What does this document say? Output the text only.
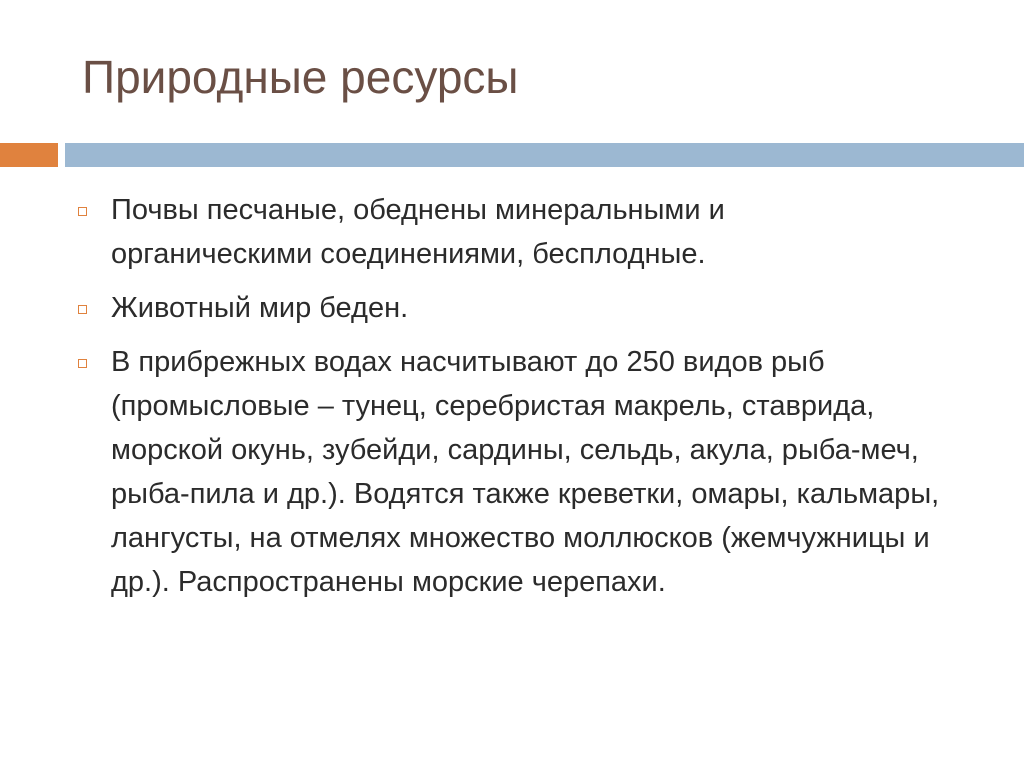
Природные ресурсы
Почвы песчаные, обеднены минеральными и органическими соединениями, бесплодные.
Животный мир беден.
В прибрежных водах насчитывают до 250 видов рыб (промысловые – тунец, серебристая макрель, ставрида, морской окунь, зубейди, сардины, сельдь, акула, рыба-меч, рыба-пила и др.). Водятся также креветки, омары, кальмары, лангусты, на отмелях множество моллюсков (жемчужницы и др.). Распространены морские черепахи.
